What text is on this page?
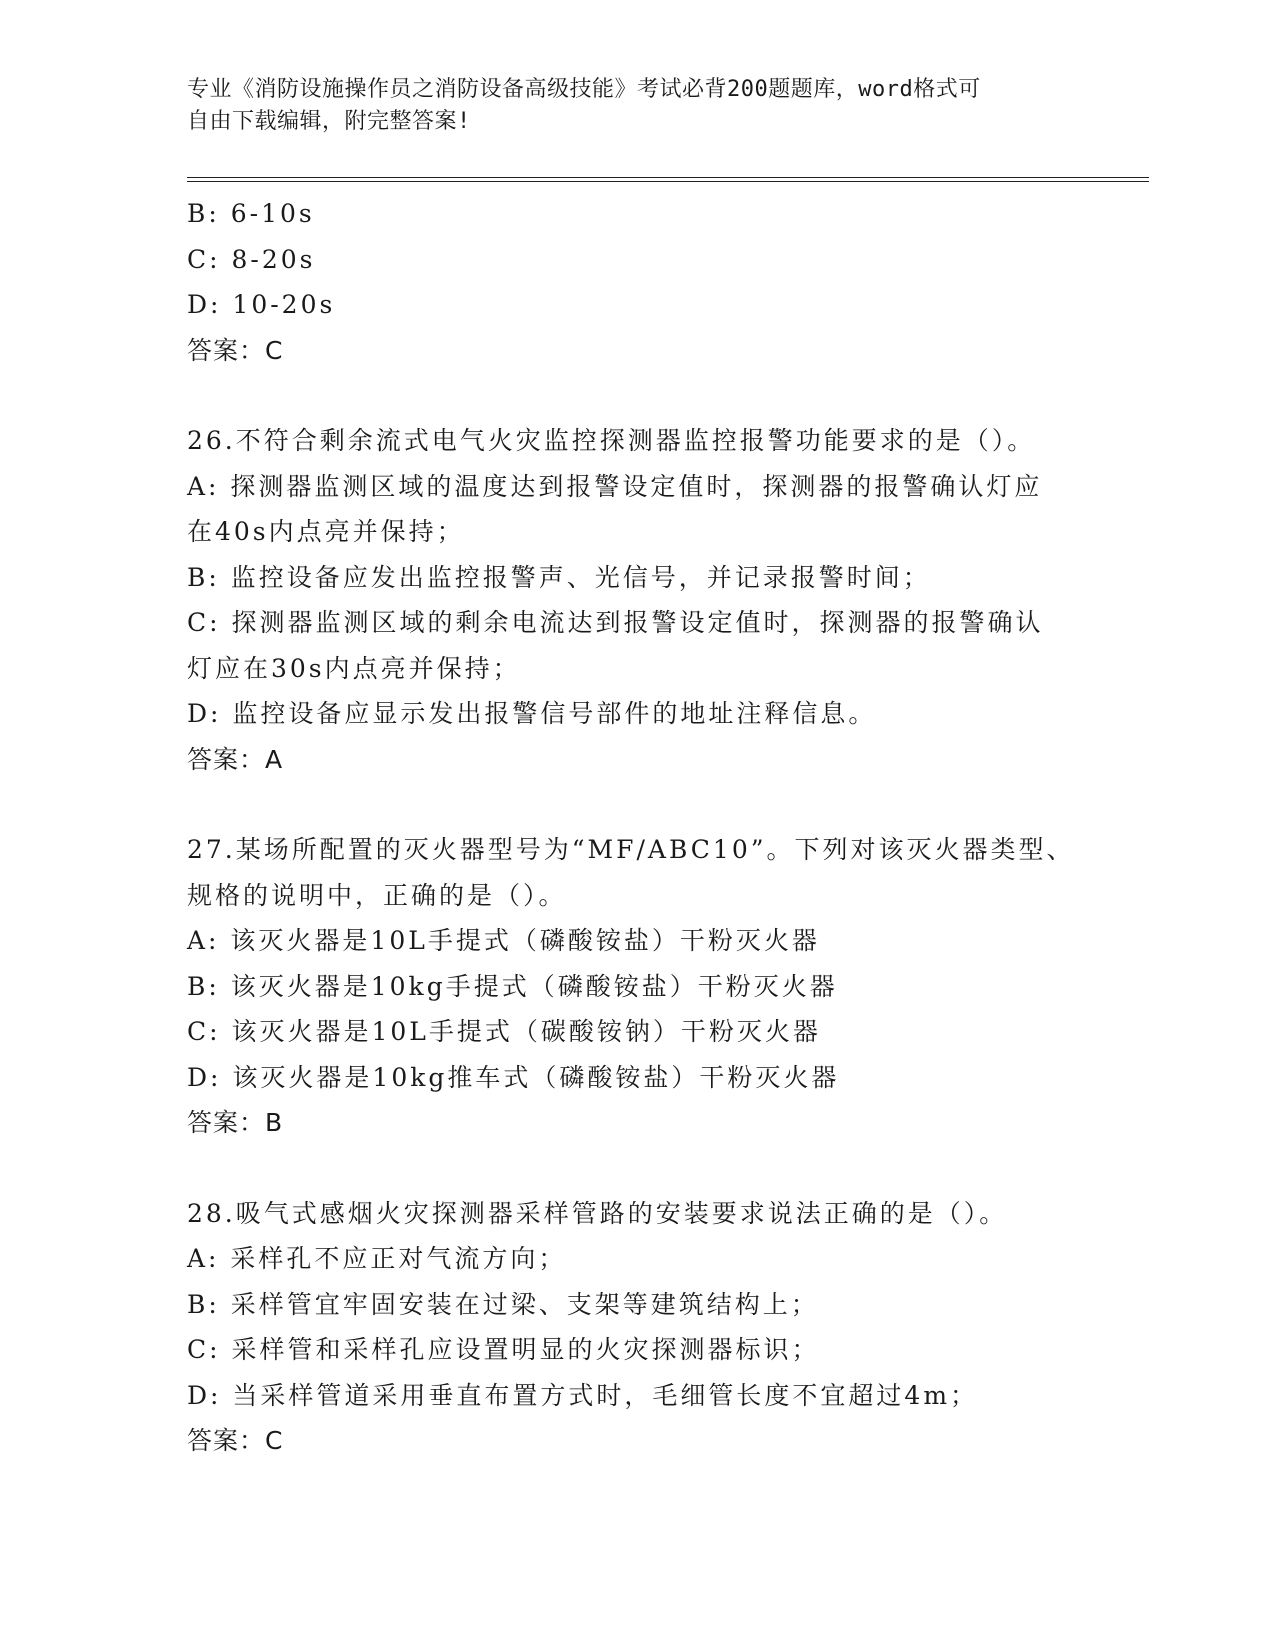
专业《消防设施操作员之消防设备高级技能》考试必背200题题库，word格式可
自由下载编辑，附完整答案!
B: 6-10s
C: 8-20s
D: 10-20s
答案：C
26.不符合剩余流式电气火灾监控探测器监控报警功能要求的是（）。
A: 探测器监测区域的温度达到报警设定值时，探测器的报警确认灯应
在40s内点亮并保持；
B: 监控设备应发出监控报警声、光信号，并记录报警时间；
C: 探测器监测区域的剩余电流达到报警设定值时，探测器的报警确认
灯应在30s内点亮并保持；
D: 监控设备应显示发出报警信号部件的地址注释信息。
答案：A
27.某场所配置的灭火器型号为“MF/ABC10”。下列对该灭火器类型、
规格的说明中，正确的是（）。
A: 该灭火器是10L手提式（磷酸铵盐）干粉灭火器
B: 该灭火器是10kg手提式（磷酸铵盐）干粉灭火器
C: 该灭火器是10L手提式（碳酸铵钠）干粉灭火器
D: 该灭火器是10kg推车式（磷酸铵盐）干粉灭火器
答案：B
28.吸气式感烟火灾探测器采样管路的安装要求说法正确的是（）。
A: 采样孔不应正对气流方向；
B: 采样管宜牢固安装在过梁、支架等建筑结构上；
C: 采样管和采样孔应设置明显的火灾探测器标识；
D: 当采样管道采用垂直布置方式时，毛细管长度不宜超过4m；
答案：C
